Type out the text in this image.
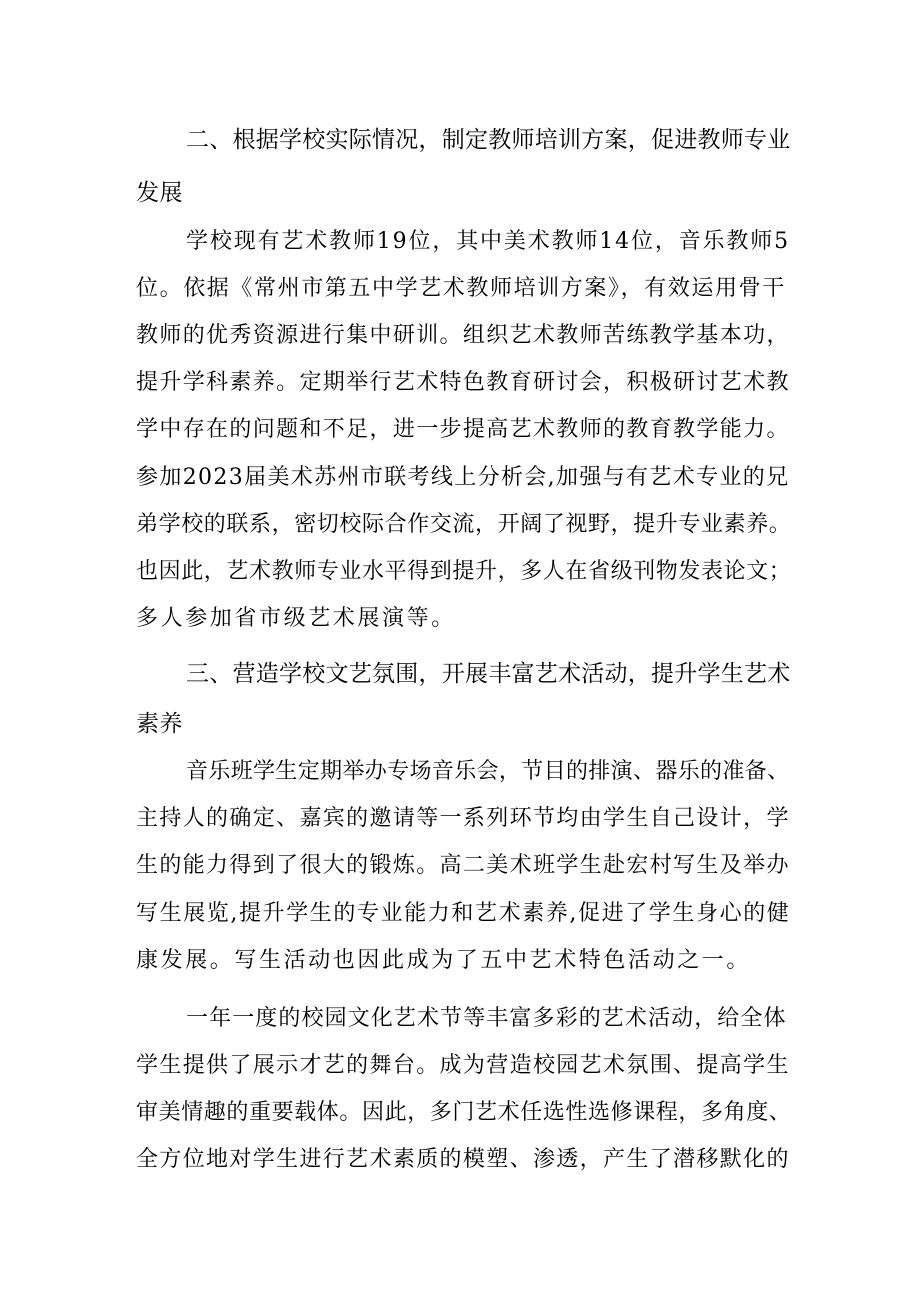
二、根据学校实际情况，制定教师培训方案，促进教师专业
发展
学校现有艺术教师19位，其中美术教师14位，音乐教师5
位。依据《常州市第五中学艺术教师培训方案》，有效运用骨干
教师的优秀资源进行集中研训。组织艺术教师苦练教学基本功，
提升学科素养。定期举行艺术特色教育研讨会，积极研讨艺术教
学中存在的问题和不足，进一步提高艺术教师的教育教学能力。
参加2023届美术苏州市联考线上分析会,加强与有艺术专业的兄
弟学校的联系，密切校际合作交流，开阔了视野，提升专业素养。
也因此，艺术教师专业水平得到提升，多人在省级刊物发表论文；
多人参加省市级艺术展演等。
三、营造学校文艺氛围，开展丰富艺术活动，提升学生艺术
素养
音乐班学生定期举办专场音乐会，节目的排演、器乐的准备、
主持人的确定、嘉宾的邀请等一系列环节均由学生自己设计，学
生的能力得到了很大的锻炼。高二美术班学生赴宏村写生及举办
写生展览,提升学生的专业能力和艺术素养,促进了学生身心的健
康发展。写生活动也因此成为了五中艺术特色活动之一。
一年一度的校园文化艺术节等丰富多彩的艺术活动，给全体
学生提供了展示才艺的舞台。成为营造校园艺术氛围、提高学生
审美情趣的重要载体。因此，多门艺术任选性选修课程，多角度、
全方位地对学生进行艺术素质的模塑、渗透，产生了潜移默化的
